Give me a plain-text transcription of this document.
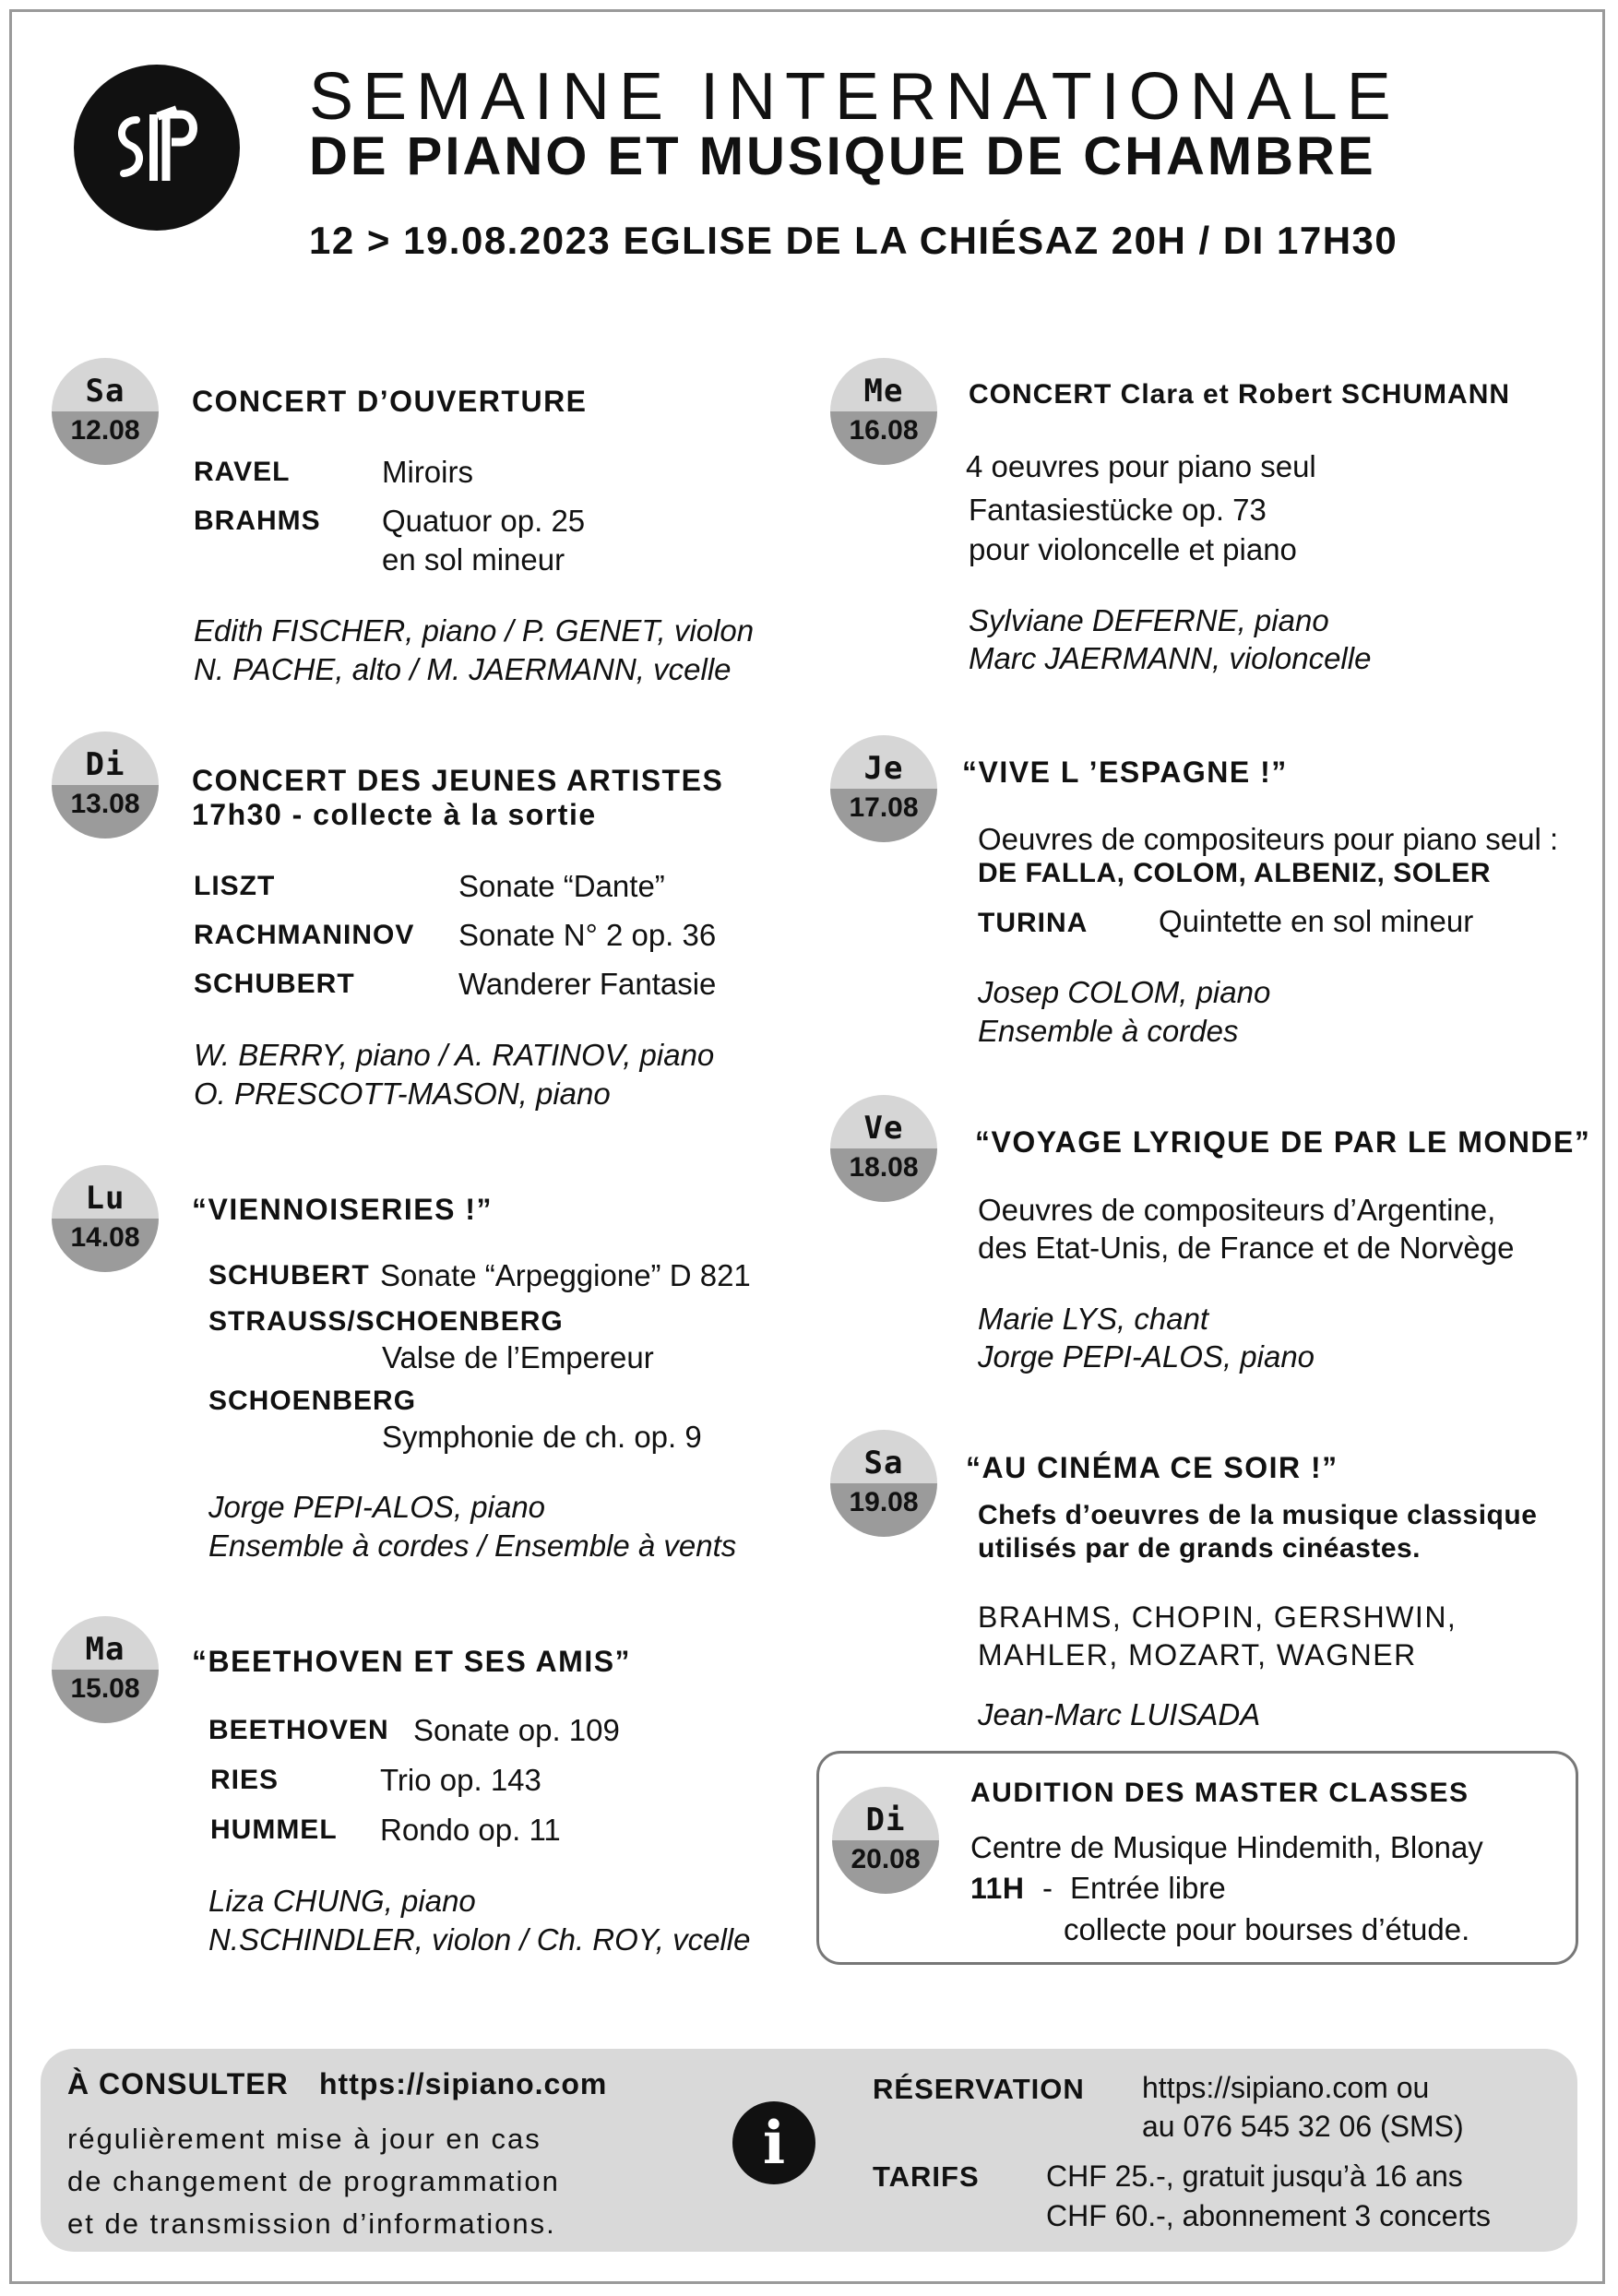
SEMAINE INTERNATIONALE
DE PIANO ET MUSIQUE DE CHAMBRE
12 > 19.08.2023 EGLISE DE LA CHIÉSAZ 20H / DI 17H30
Sa
12.08
CONCERT D’OUVERTURE
RAVEL	Miroirs
BRAHMS Quatuor op. 25
en sol mineur
Edith FISCHER, piano / P. GENET, violon
N. PACHE, alto / M. JAERMANN, vcelle
Di
13.08
CONCERT DES JEUNES ARTISTES
17h30 - collecte à la sortie
LISZT	Sonate “Dante”
RACHMANINOV Sonate N° 2 op. 36
SCHUBERT	Wanderer Fantasie
W. BERRY, piano / A. RATINOV, piano
O. PRESCOTT-MASON, piano
Lu
14.08
“VIENNOISERIES !”
SCHUBERT Sonate “Arpeggione” D 821
STRAUSS/SCHOENBERG
Valse de l’Empereur
SCHOENBERG
Symphonie de ch. op. 9
Jorge PEPI-ALOS, piano
Ensemble à cordes / Ensemble à vents
Ma
15.08
“BEETHOVEN ET SES AMIS”
BEETHOVEN Sonate op. 109
RIES	Trio op. 143
HUMMEL Rondo op. 11
Liza CHUNG, piano
N.SCHINDLER, violon / Ch. ROY, vcelle
Me
16.08
CONCERT Clara et Robert SCHUMANN
4 oeuvres pour piano seul
Fantasiestücke op. 73
pour violoncelle et piano
Sylviane DEFERNE, piano
Marc JAERMANN, violoncelle
Je
17.08
“VIVE L ’ESPAGNE !”
Oeuvres de compositeurs pour piano seul :
DE FALLA, COLOM, ALBENIZ, SOLER
TURINA Quintette en sol mineur
Josep COLOM, piano
Ensemble à cordes
Ve
18.08
“VOYAGE LYRIQUE DE PAR LE MONDE”
Oeuvres de compositeurs d’Argentine,
des Etat-Unis, de France et de Norvège
Marie LYS, chant
Jorge PEPI-ALOS, piano
Sa
19.08
“AU CINÉMA CE SOIR !”
Chefs d’oeuvres de la musique classique
utilisés par de grands cinéastes.
BRAHMS, CHOPIN, GERSHWIN,
MAHLER, MOZART, WAGNER
Jean-Marc LUISADA
Di
20.08
AUDITION DES MASTER CLASSES
Centre de Musique Hindemith, Blonay
11H - Entrée libre
collecte pour bourses d’étude.
À CONSULTER https://sipiano.com
régulièrement mise à jour en cas
de changement de programmation
et de transmission d’informations.
i
RÉSERVATION https://sipiano.com ou
au 076 545 32 06 (SMS)
TARIFS CHF 25.-, gratuit jusqu’à 16 ans
CHF 60.-, abonnement 3 concerts
